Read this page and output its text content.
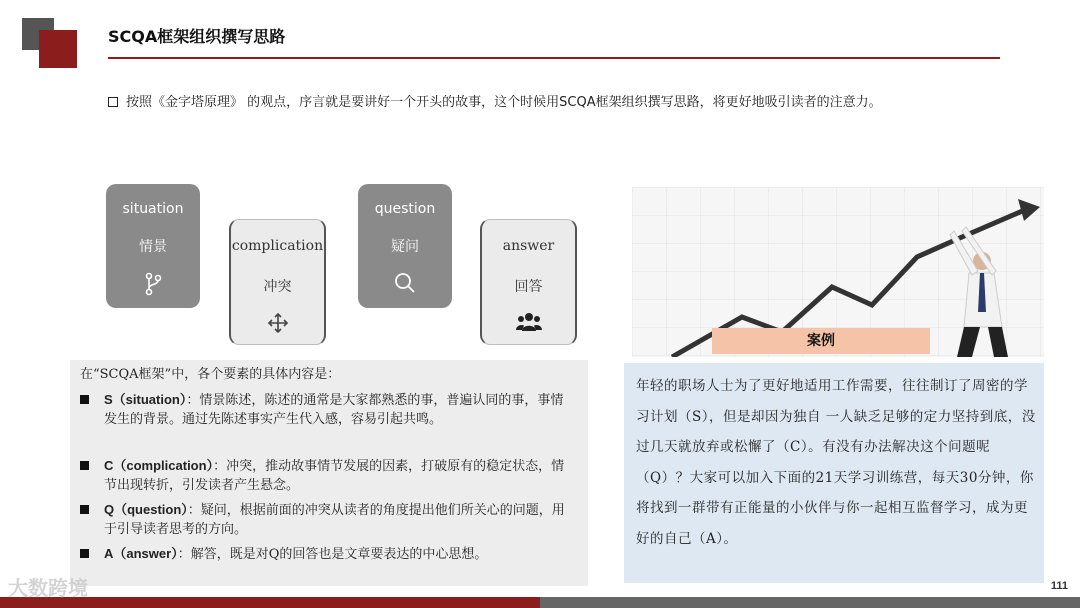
SCQA框架组织撰写思路
按照《金字塔原理》 的观点，序言就是要讲好一个开头的故事，这个时候用SCQA框架组织撰写思路，将更好地吸引读者的注意力。
situation
情景	complication
冲突
question
疑问	answer
回答
在“SCQA框架”中，各个要素的具体内容是：
S（situation）：情景陈述，陈述的通常是大家都熟悉的事，普遍认同的事，事情发生的背景。通过先陈述事实产生代入感，容易引起共鸣。
C（complication）：冲突，推动故事情节发展的因素，打破原有的稳定状态，情节出现转折，引发读者产生悬念。
Q（question）：疑问，根据前面的冲突从读者的角度提出他们所关心的问题，用于引导读者思考的方向。
A（answer）：解答，既是对Q的回答也是文章要表达的中心思想。
案例
年轻的职场人士为了更好地适用工作需要，往往制订了周密的学习计划（S），但是却因为独自 一人缺乏足够的定力坚持到底，没过几天就放弃或松懈了（C）。有没有办法解决这个问题呢（Q）？大家可以加入下面的21天学习训练营，每天30分钟，你将找到一群带有正能量的小伙伴与你一起相互监督学习，成为更好的自己（A）。
大数跨境	111
